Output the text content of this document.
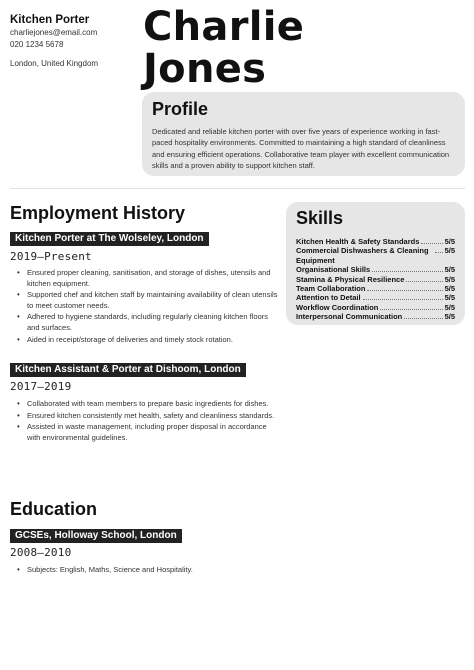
Kitchen Porter
charliejones@email.com
020 1234 5678
London, United Kingdom
Charlie
Jones
Profile
Dedicated and reliable kitchen porter with over five years of experience working in fast-paced hospitality environments. Committed to maintaining a high standard of cleanliness and ensuring efficient operations. Collaborative team player with excellent communication skills and a proven ability to support kitchen staff.
Employment History
Kitchen Porter at The Wolseley, London
2019—Present
• Ensured proper cleaning, sanitisation, and storage of dishes, utensils and kitchen equipment.
• Supported chef and kitchen staff by maintaining availability of clean utensils to meet customer needs.
• Adhered to hygiene standards, including regularly cleaning kitchen floors and surfaces.
• Aided in receipt/storage of deliveries and timely stock rotation.
Kitchen Assistant & Porter at Dishoom, London
2017—2019
• Collaborated with team members to prepare basic ingredients for dishes.
• Ensured kitchen consistently met health, safety and cleanliness standards.
• Assisted in waste management, including proper disposal in accordance with environmental guidelines.
Education
GCSEs, Holloway School, London
2008—2010
• Subjects: English, Maths, Science and Hospitality.
Skills
Kitchen Health & Safety Standards	5/5
Commercial Dishwashers & Cleaning Equipment
5/5
Organisational Skills	5/5
Stamina & Physical Resilience	5/5
Team Collaboration	5/5
Attention to Detail	5/5
Workflow Coordination	5/5
Interpersonal Communication	5/5
